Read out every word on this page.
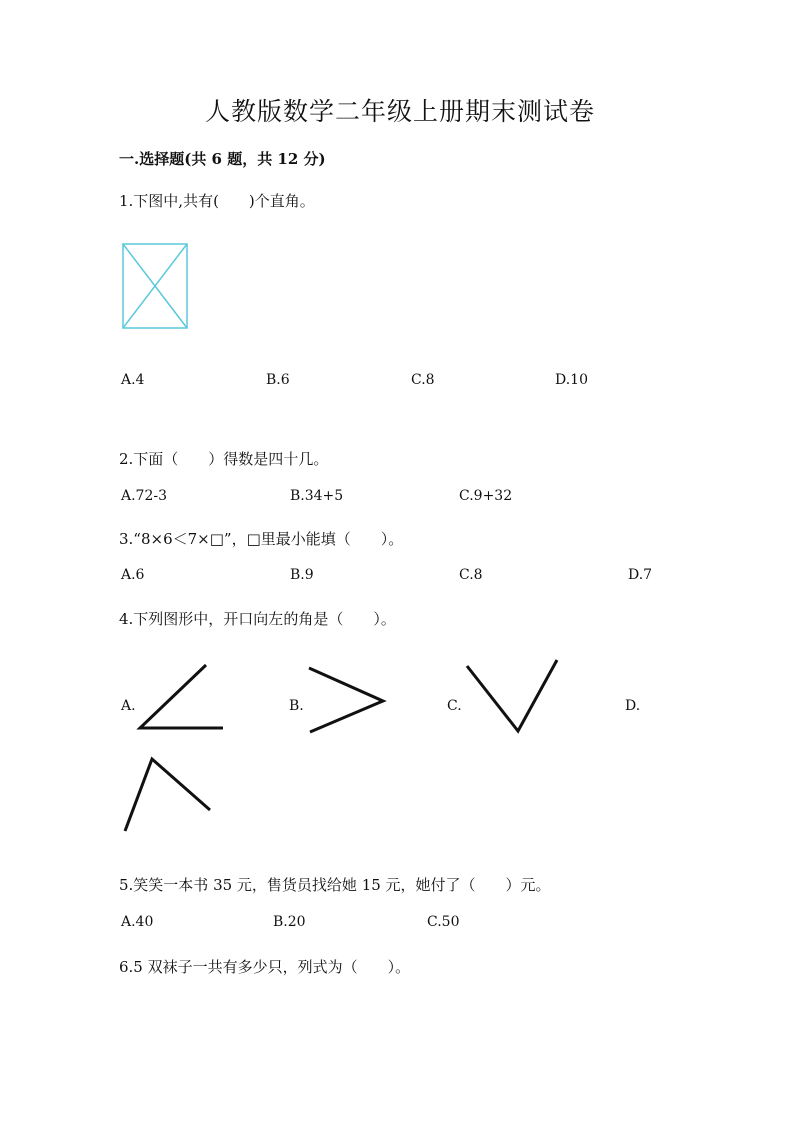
人教版数学二年级上册期末测试卷
一.选择题(共 6 题，共 12 分)
1.下图中,共有(　　)个直角。
A.4	B.6	C.8	D.10
2.下面（　　）得数是四十几。
A.72-3	B.34+5	C.9+32
3.“8×6＜7×□”，□里最小能填（　　）。
A.6	B.9	C.8	D.7
4.下列图形中，开口向左的角是（　　）。
A.	B.	C.	D.
5.笑笑一本书 35 元，售货员找给她 15 元，她付了（　　）元。
A.40	B.20	C.50
6.5 双袜子一共有多少只，列式为（　　）。
